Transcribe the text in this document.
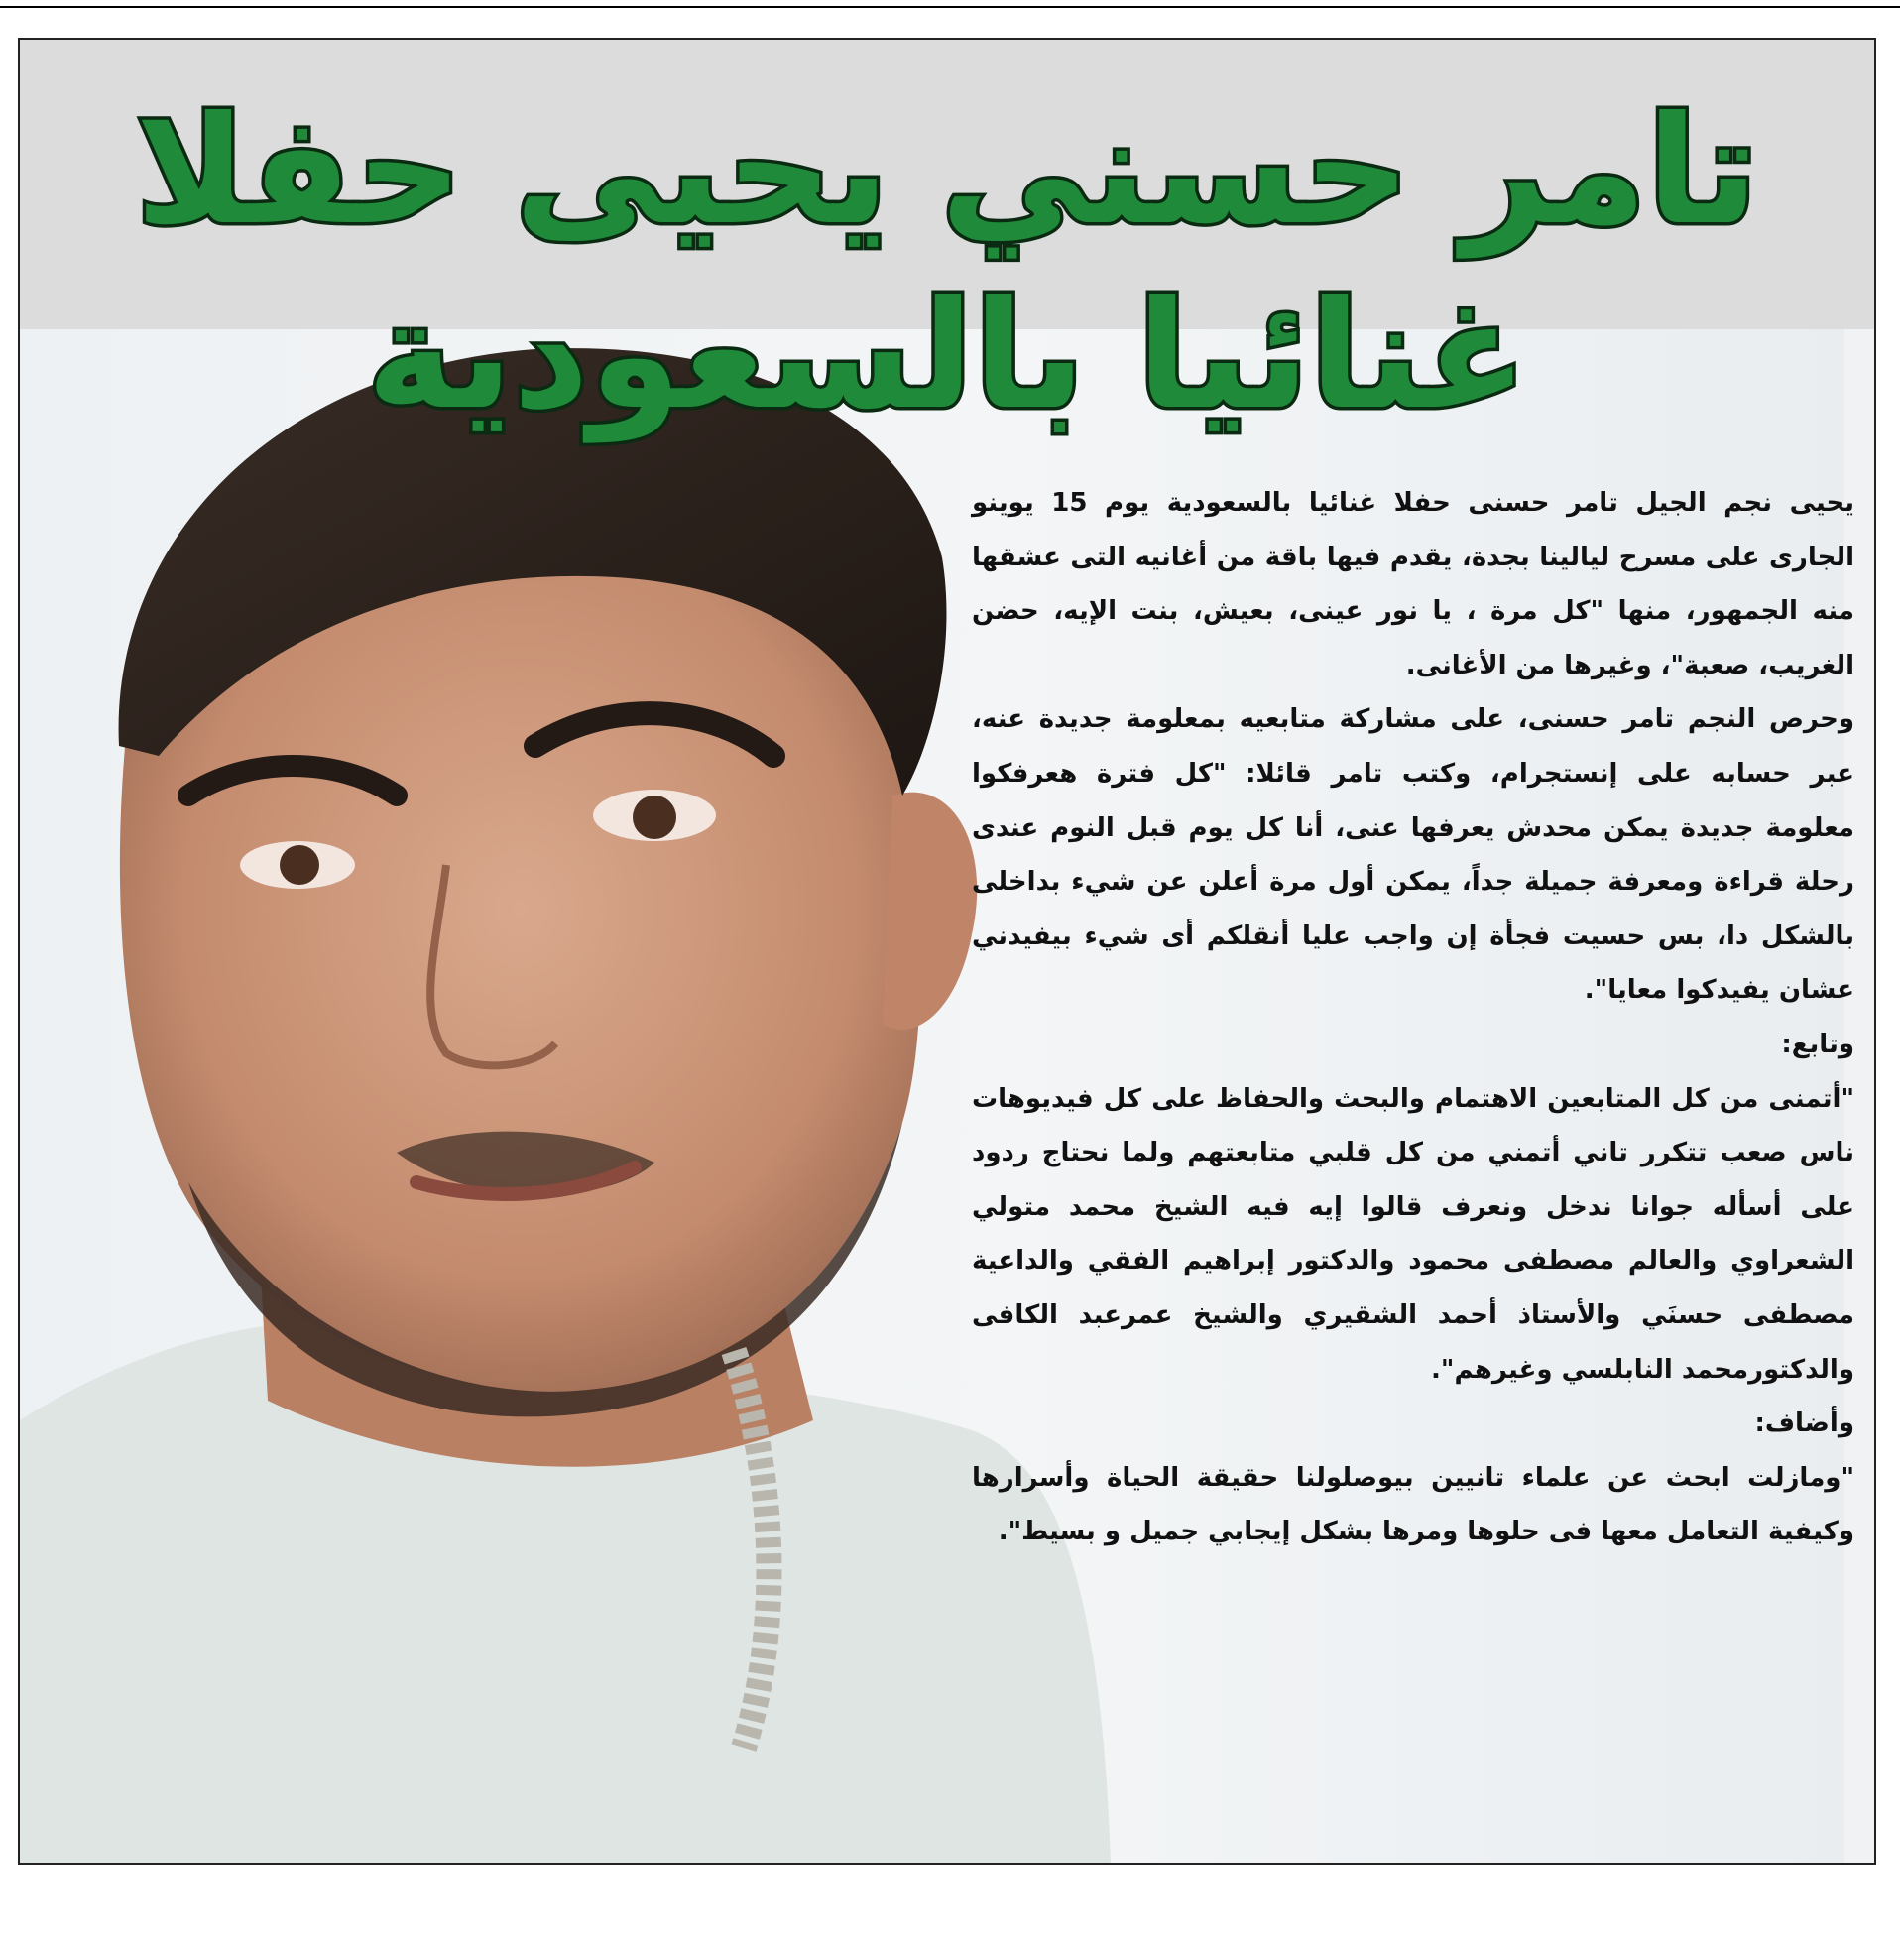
تامر حسني يحيى حفلا غنائيا بالسعودية

يحيى نجم الجيل تامر حسنى حفلا غنائيا بالسعودية يوم 15 يوينو الجارى على مسرح ليالينا بجدة، يقدم فيها باقة من أغانيه التى عشقها منه الجمهور، منها "كل مرة ، يا نور عينى، بعيش، بنت الإيه، حضن الغريب، صعبة"، وغيرها من الأغانى.

وحرص النجم تامر حسنى، على مشاركة متابعيه بمعلومة جديدة عنه، عبر حسابه على إنستجرام، وكتب تامر قائلا: "كل فترة هعرفكوا معلومة جديدة يمكن محدش يعرفها عنى، أنا كل يوم قبل النوم عندى رحلة قراءة ومعرفة جميلة جداً، يمكن أول مرة أعلن عن شيء بداخلى بالشكل دا، بس حسيت فجأة إن واجب عليا أنقلكم أى شيء بيفيدني عشان يفيدكوا معايا".

وتابع:

"أتمنى من كل المتابعين الاهتمام والبحث والحفاظ على كل فيديوهات ناس صعب تتكرر تاني أتمني من كل قلبي متابعتهم ولما نحتاج ردود على أسأله جوانا ندخل ونعرف قالوا إيه فيه الشيخ محمد متولي الشعراوي والعالم مصطفى محمود والدكتور إبراهيم الفقي والداعية مصطفى حسنَي والأستاذ أحمد الشقيري والشيخ عمرعبد الكافى والدكتورمحمد النابلسي وغيرهم".

وأضاف:

"ومازلت ابحث عن علماء تانيين بيوصلولنا حقيقة الحياة وأسرارها وكيفية التعامل معها فى حلوها ومرها بشكل إيجابي جميل و بسيط".
